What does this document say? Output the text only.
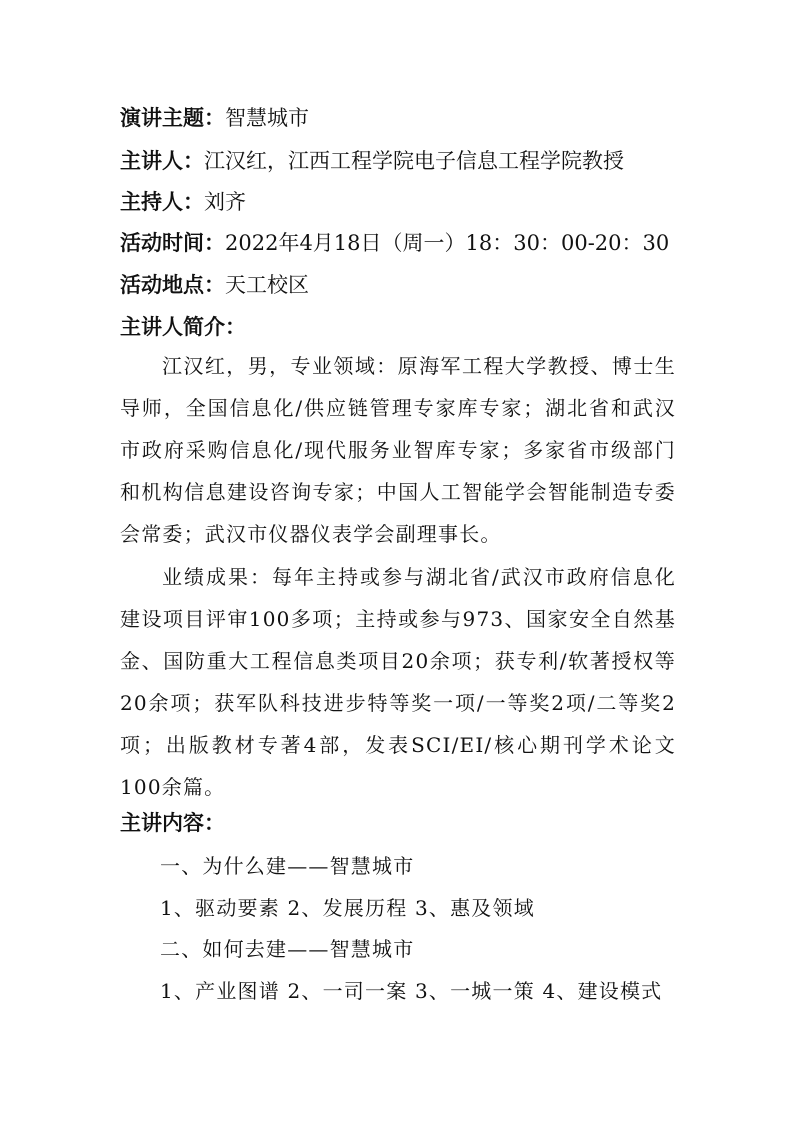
演讲主题：智慧城市
主讲人：江汉红，江西工程学院电子信息工程学院教授
主持人：刘齐
活动时间：2022年4月18日（周一）18：30：00-20：30
活动地点：天工校区
主讲人简介：
江汉红，男，专业领域：原海军工程大学教授、博士生导师，全国信息化/供应链管理专家库专家；湖北省和武汉市政府采购信息化/现代服务业智库专家；多家省市级部门和机构信息建设咨询专家；中国人工智能学会智能制造专委会常委；武汉市仪器仪表学会副理事长。
业绩成果：每年主持或参与湖北省/武汉市政府信息化建设项目评审100多项；主持或参与973、国家安全自然基金、国防重大工程信息类项目20余项；获专利/软著授权等20余项；获军队科技进步特等奖一项/一等奖2项/二等奖2项；出版教材专著4部，发表SCI/EI/核心期刊学术论文100余篇。
主讲内容：
一、为什么建——智慧城市
1、驱动要素 2、发展历程 3、惠及领域
二、如何去建——智慧城市
1、产业图谱 2、一司一案 3、一城一策 4、建设模式
